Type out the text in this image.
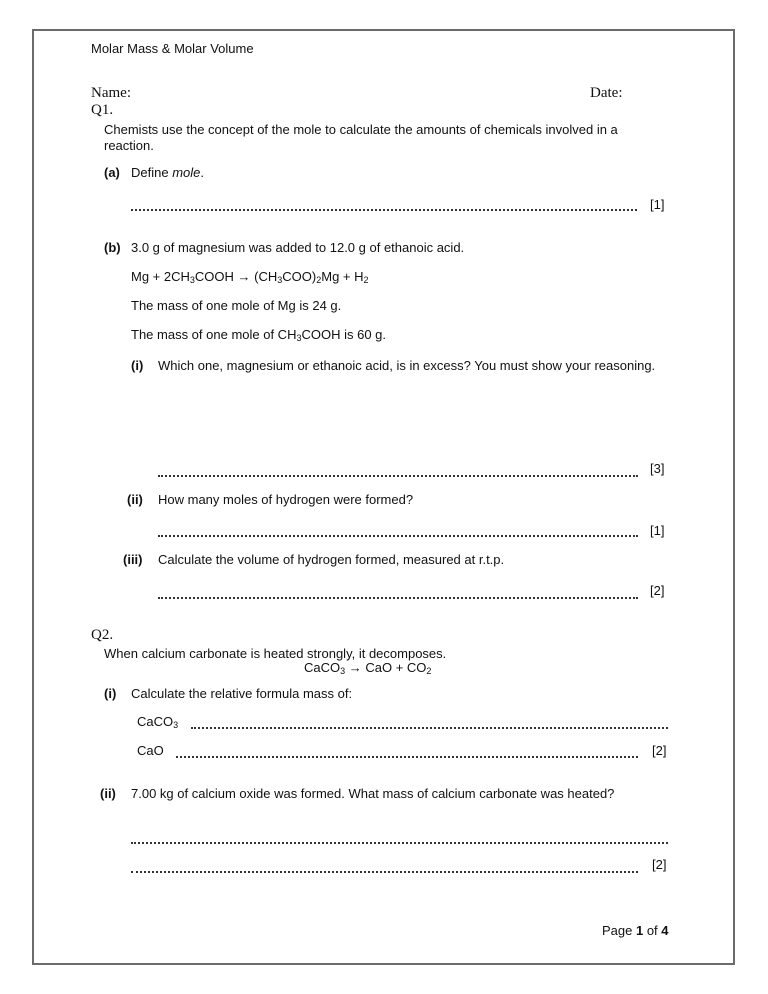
Molar Mass & Molar Volume
Name:	Date:
Q1.
Chemists use the concept of the mole to calculate the amounts of chemicals involved in a reaction.
(a) Define mole.
[1]
(b) 3.0 g of magnesium was added to 12.0 g of ethanoic acid.
$Mg + 2CH_3COOH \to (CH_3COO)_2Mg + H_2$
The mass of one mole of Mg is 24 g.
The mass of one mole of $CH_3COOH$ is 60 g.
(i) Which one, magnesium or ethanoic acid, is in excess? You must show your reasoning.
[3]
(ii) How many moles of hydrogen were formed?
[1]
(iii) Calculate the volume of hydrogen formed, measured at r.t.p.
[2]
Q2.
When calcium carbonate is heated strongly, it decomposes.
CaCO$_3$ → CaO + $CO_2$
(i) Calculate the relative formula mass of:
CaCO$_3$
CaO	[2]
(ii) 7.00 kg of calcium oxide was formed. What mass of calcium carbonate was heated?
[2]
Page 1 of 4
